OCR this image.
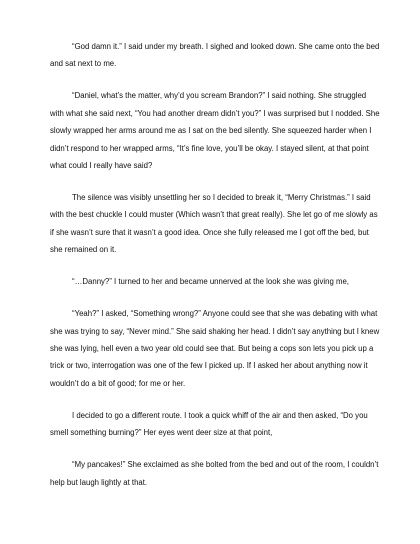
“God damn it.” I said under my breath. I sighed and looked down. She came onto the bed and sat next to me.

“Daniel, what’s the matter, why’d you scream Brandon?” I said nothing. She struggled with what she said next, “You had another dream didn’t you?” I was surprised but I nodded. She slowly wrapped her arms around me as I sat on the bed silently. She squeezed harder when I didn’t respond to her wrapped arms, “It’s fine love, you’ll be okay. I stayed silent, at that point what could I really have said?

The silence was visibly unsettling her so I decided to break it, “Merry Christmas.” I said with the best chuckle I could muster (Which wasn’t that great really). She let go of me slowly as if she wasn’t sure that it wasn’t a good idea. Once she fully released me I got off the bed, but she remained on it.

“…Danny?” I turned to her and became unnerved at the look she was giving me,

“Yeah?” I asked, “Something wrong?” Anyone could see that she was debating with what she was trying to say, “Never mind.” She said shaking her head. I didn’t say anything but I knew she was lying, hell even a two year old could see that. But being a cops son lets you pick up a trick or two, interrogation was one of the few I picked up. If I asked her about anything now it wouldn’t do a bit of good; for me or her.

I decided to go a different route. I took a quick whiff of the air and then asked, “Do you smell something burning?” Her eyes went deer size at that point,

“My pancakes!” She exclaimed as she bolted from the bed and out of the room, I couldn’t help but laugh lightly at that.
